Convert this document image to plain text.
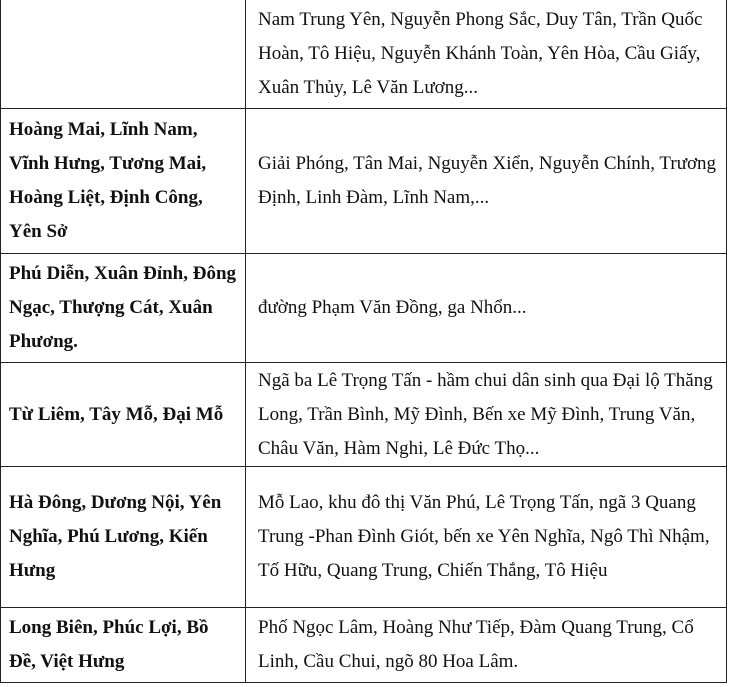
	Nam Trung Yên, Nguyễn Phong Sắc, Duy Tân, Trần Quốc Hoàn, Tô Hiệu, Nguyễn Khánh Toàn, Yên Hòa, Cầu Giấy, Xuân Thủy, Lê Văn Lương...
Hoàng Mai, Lĩnh Nam, Vĩnh Hưng, Tương Mai, Hoàng Liệt, Định Công, Yên Sở	Giải Phóng, Tân Mai, Nguyễn Xiển, Nguyễn Chính, Trương Định, Linh Đàm, Lĩnh Nam,...
Phú Diễn, Xuân Đỉnh, Đông Ngạc, Thượng Cát, Xuân Phương.	đường Phạm Văn Đồng, ga Nhổn...
Từ Liêm, Tây Mỗ, Đại Mỗ	Ngã ba Lê Trọng Tấn - hầm chui dân sinh qua Đại lộ Thăng Long, Trần Bình, Mỹ Đình, Bến xe Mỹ Đình, Trung Văn, Châu Văn, Hàm Nghi, Lê Đức Thọ...
Hà Đông, Dương Nội, Yên Nghĩa, Phú Lương, Kiến Hưng	Mỗ Lao, khu đô thị Văn Phú, Lê Trọng Tấn, ngã 3 Quang Trung -Phan Đình Giót, bến xe Yên Nghĩa, Ngô Thì Nhậm, Tố Hữu, Quang Trung, Chiến Thắng, Tô Hiệu
Long Biên, Phúc Lợi, Bồ Đề, Việt Hưng	Phố Ngọc Lâm, Hoàng Như Tiếp, Đàm Quang Trung, Cổ Linh, Cầu Chui, ngõ 80 Hoa Lâm.
